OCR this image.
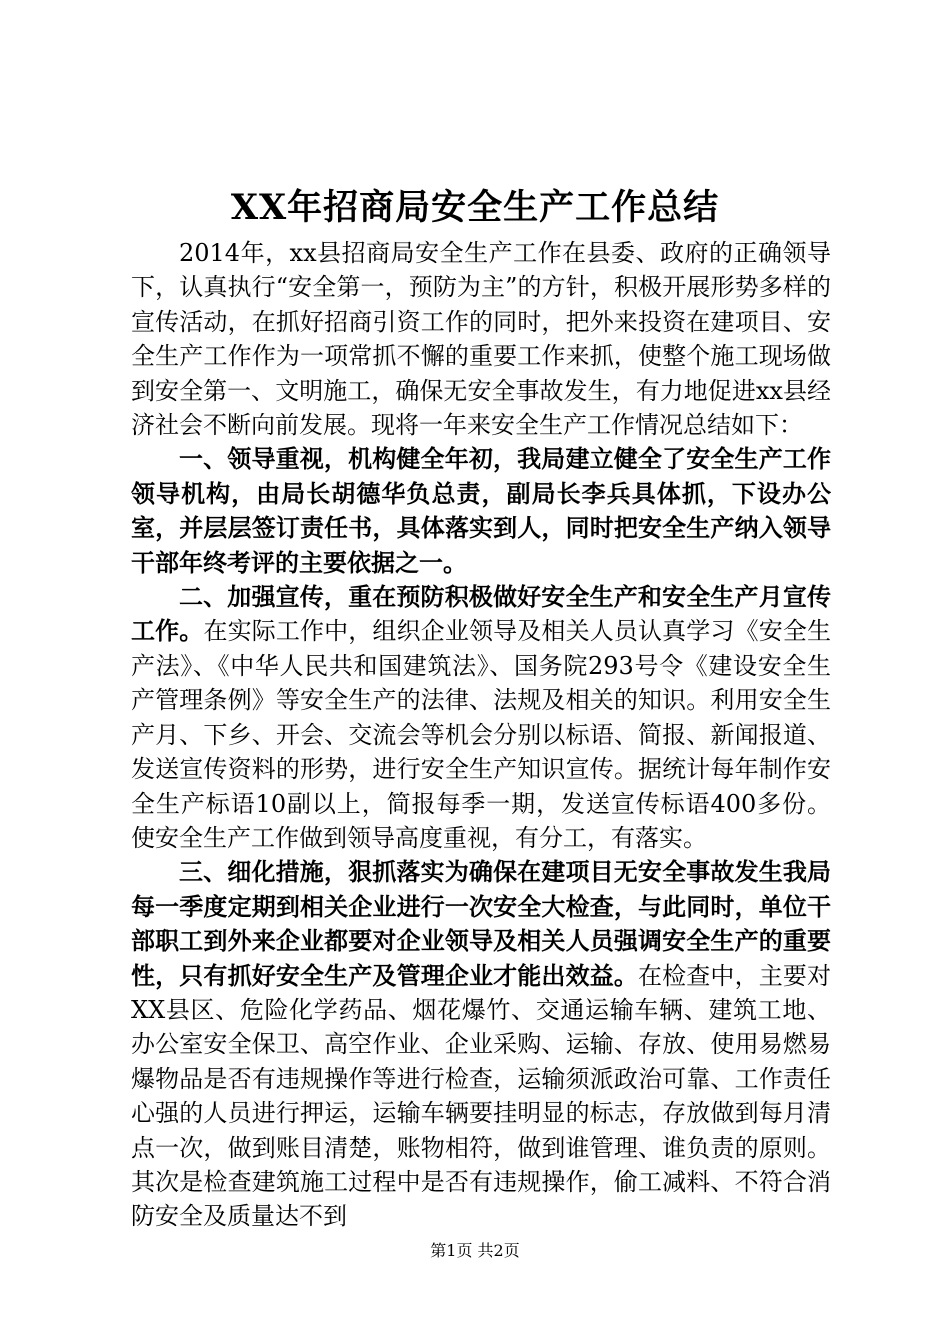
XX年招商局安全生产工作总结

2014年，xx县招商局安全生产工作在县委、政府的正确领导下，认真执行“安全第一，预防为主”的方针，积极开展形势多样的宣传活动，在抓好招商引资工作的同时，把外来投资在建项目、安全生产工作作为一项常抓不懈的重要工作来抓，使整个施工现场做到安全第一、文明施工，确保无安全事故发生，有力地促进xx县经济社会不断向前发展。现将一年来安全生产工作情况总结如下：

一、领导重视，机构健全年初，我局建立健全了安全生产工作领导机构，由局长胡德华负总责，副局长李兵具体抓，下设办公室，并层层签订责任书，具体落实到人，同时把安全生产纳入领导干部年终考评的主要依据之一。

二、加强宣传，重在预防积极做好安全生产和安全生产月宣传工作。在实际工作中，组织企业领导及相关人员认真学习《安全生产法》、《中华人民共和国建筑法》、国务院293号令《建设安全生产管理条例》等安全生产的法律、法规及相关的知识。利用安全生产月、下乡、开会、交流会等机会分别以标语、简报、新闻报道、发送宣传资料的形势，进行安全生产知识宣传。据统计每年制作安全生产标语10副以上，简报每季一期，发送宣传标语400多份。使安全生产工作做到领导高度重视，有分工，有落实。

三、细化措施，狠抓落实为确保在建项目无安全事故发生我局每一季度定期到相关企业进行一次安全大检查，与此同时，单位干部职工到外来企业都要对企业领导及相关人员强调安全生产的重要性，只有抓好安全生产及管理企业才能出效益。在检查中，主要对XX县区、危险化学药品、烟花爆竹、交通运输车辆、建筑工地、办公室安全保卫、高空作业、企业采购、运输、存放、使用易燃易爆物品是否有违规操作等进行检查，运输须派政治可靠、工作责任心强的人员进行押运，运输车辆要挂明显的标志，存放做到每月清点一次，做到账目清楚，账物相符，做到谁管理、谁负责的原则。其次是检查建筑施工过程中是否有违规操作，偷工减料、不符合消防安全及质量达不到

第1页 共2页
